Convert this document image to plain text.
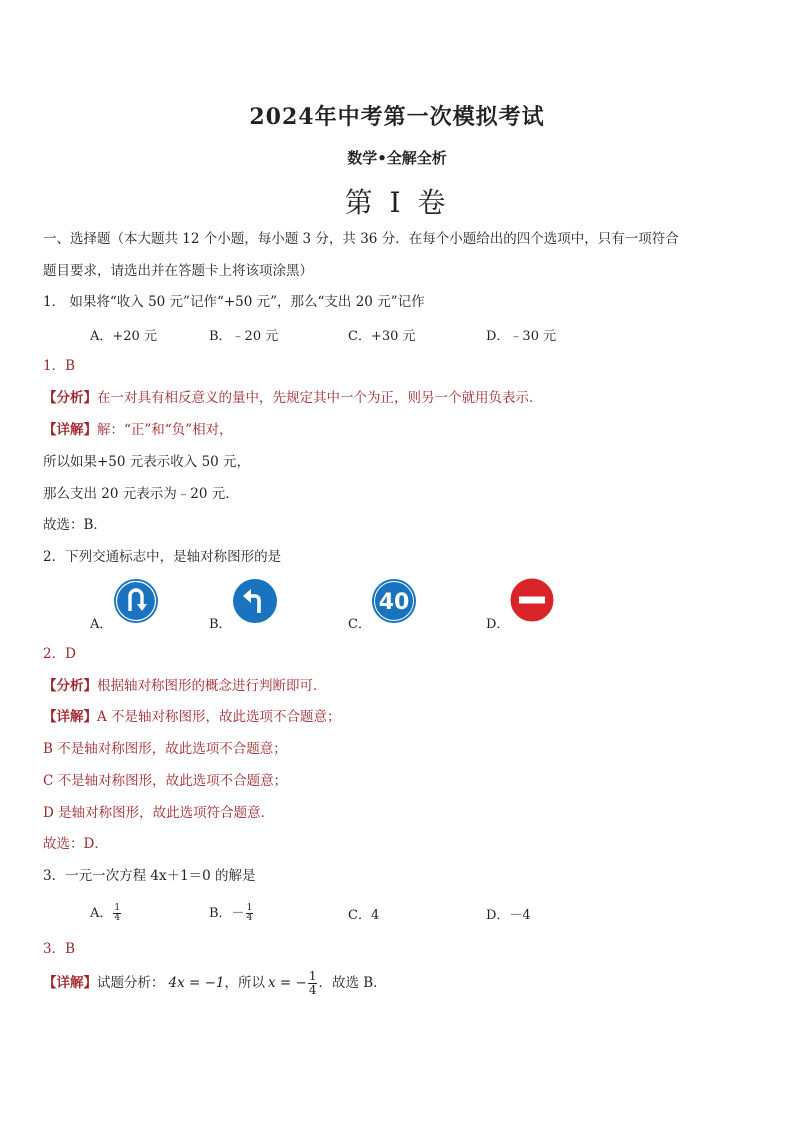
2024年中考第一次模拟考试
数学•全解全析
第 I 卷
一、选择题（本大题共 12 个小题，每小题 3 分，共 36 分．在每个小题给出的四个选项中，只有一项符合
题目要求，请选出并在答题卡上将该项涂黑）
1． 如果将“收入 50 元”记作“+50 元”，那么“支出 20 元”记作
A．+20 元	B．﹣20 元	C．+30 元	D．﹣30 元
1．B
【分析】在一对具有相反意义的量中，先规定其中一个为正，则另一个就用负表示．
【详解】解：“正”和“负”相对，
所以如果+50 元表示收入 50 元，
那么支出 20 元表示为﹣20 元．
故选：B．
2．下列交通标志中，是轴对称图形的是
A．	B．	C．
40
D．
2．D
【分析】根据轴对称图形的概念进行判断即可．
【详解】A 不是轴对称图形，故此选项不合题意；
B 不是轴对称图形，故此选项不合题意；
C 不是轴对称图形，故此选项不合题意；
D 是轴对称图形，故此选项符合题意．
故选：D．
3．一元一次方程 4x＋1＝0 的解是
A． $\frac{1}{4}$	B．－ $\frac{1}{4}$	C．4	D．－4
3．B
【详解】试题分析： 4x = −1，所以 x = − $\frac{1}{4}$ ．故选 B．
